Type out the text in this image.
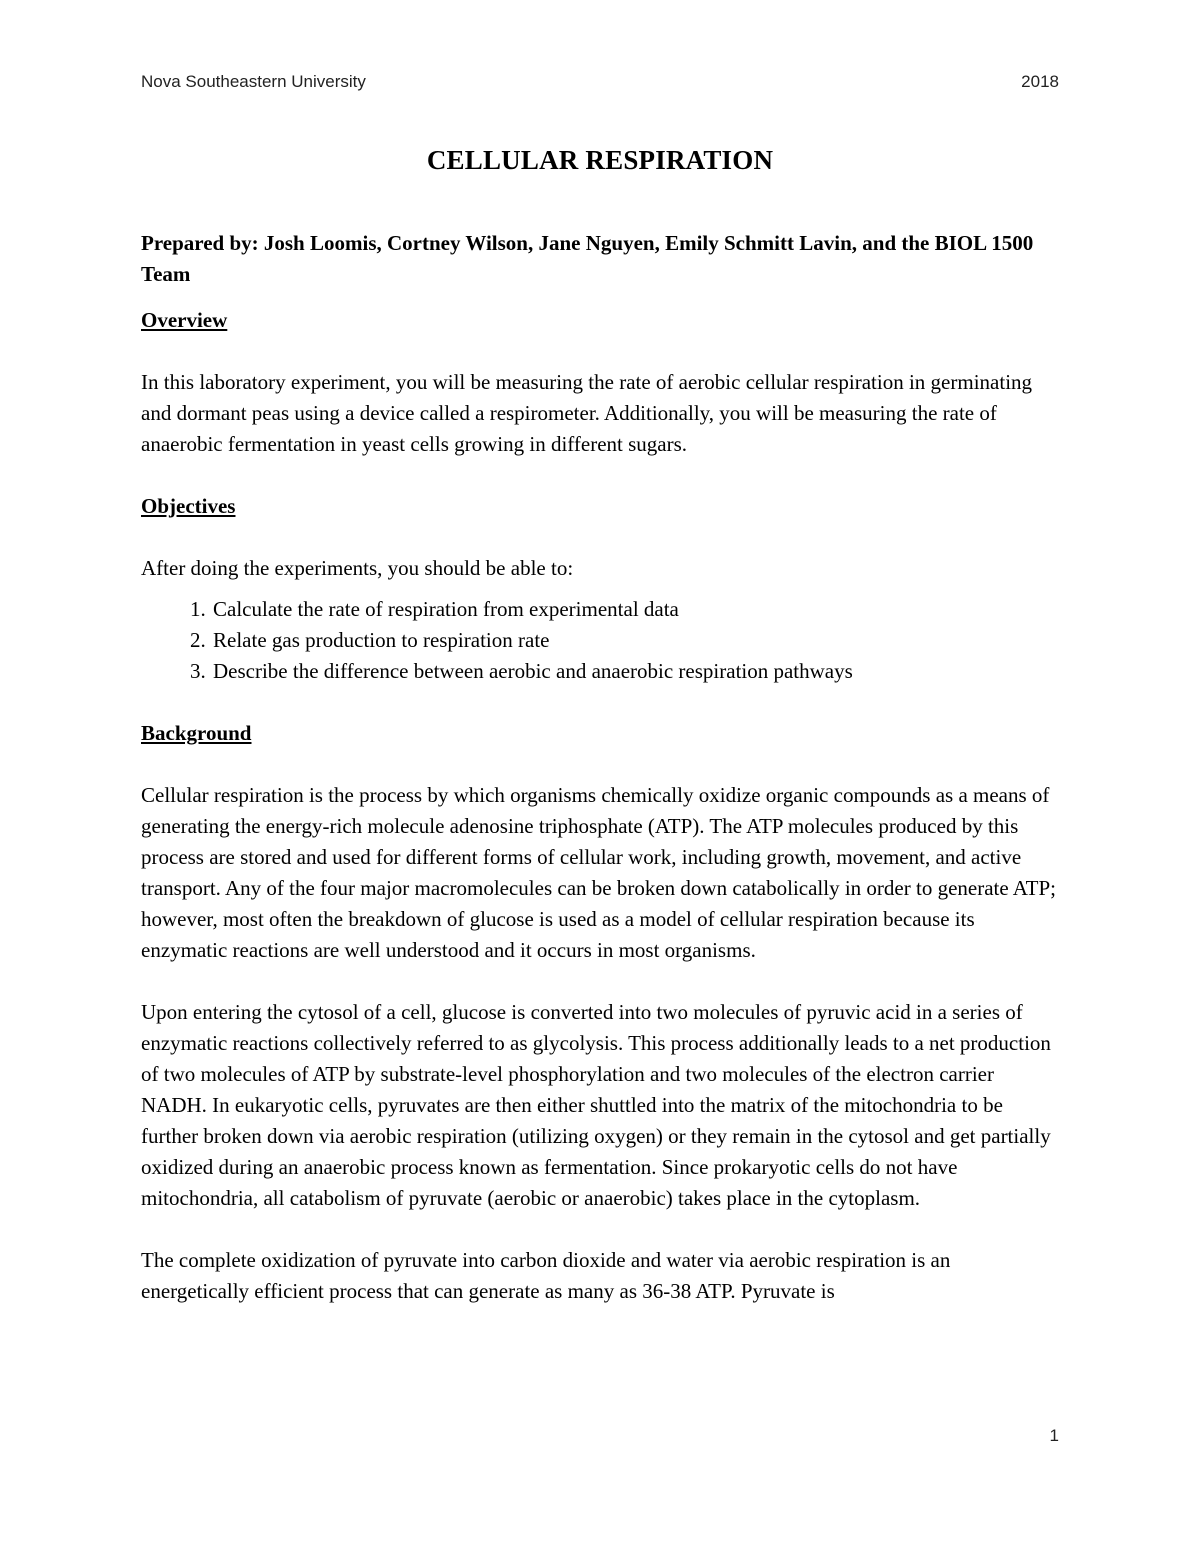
Nova Southeastern University	2018
CELLULAR RESPIRATION
Prepared by: Josh Loomis, Cortney Wilson, Jane Nguyen, Emily Schmitt Lavin, and the BIOL 1500 Team
Overview
In this laboratory experiment, you will be measuring the rate of aerobic cellular respiration in germinating and dormant peas using a device called a respirometer. Additionally, you will be measuring the rate of anaerobic fermentation in yeast cells growing in different sugars.
Objectives
After doing the experiments, you should be able to:
1. Calculate the rate of respiration from experimental data
2. Relate gas production to respiration rate
3. Describe the difference between aerobic and anaerobic respiration pathways
Background
Cellular respiration is the process by which organisms chemically oxidize organic compounds as a means of generating the energy-rich molecule adenosine triphosphate (ATP). The ATP molecules produced by this process are stored and used for different forms of cellular work, including growth, movement, and active transport. Any of the four major macromolecules can be broken down catabolically in order to generate ATP; however, most often the breakdown of glucose is used as a model of cellular respiration because its enzymatic reactions are well understood and it occurs in most organisms.
Upon entering the cytosol of a cell, glucose is converted into two molecules of pyruvic acid in a series of enzymatic reactions collectively referred to as glycolysis. This process additionally leads to a net production of two molecules of ATP by substrate-level phosphorylation and two molecules of the electron carrier NADH. In eukaryotic cells, pyruvates are then either shuttled into the matrix of the mitochondria to be further broken down via aerobic respiration (utilizing oxygen) or they remain in the cytosol and get partially oxidized during an anaerobic process known as fermentation. Since prokaryotic cells do not have mitochondria, all catabolism of pyruvate (aerobic or anaerobic) takes place in the cytoplasm.
The complete oxidization of pyruvate into carbon dioxide and water via aerobic respiration is an energetically efficient process that can generate as many as 36-38 ATP. Pyruvate is
1
